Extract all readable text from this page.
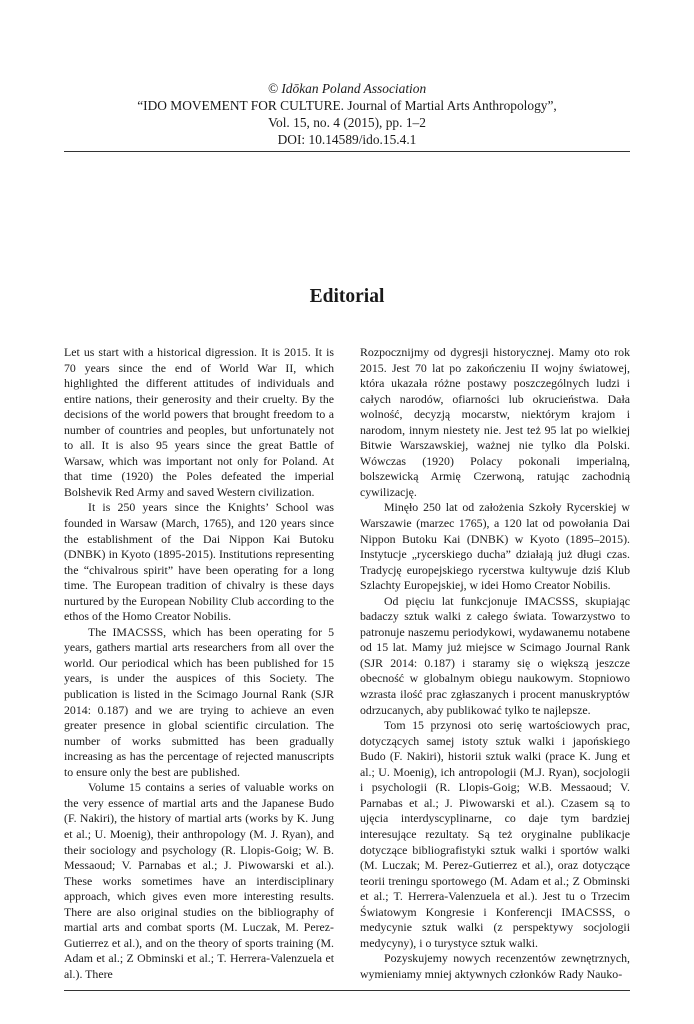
© Idōkan Poland Association
“IDO MOVEMENT FOR CULTURE. Journal of Martial Arts Anthropology”,
Vol. 15, no. 4 (2015), pp. 1–2
DOI: 10.14589/ido.15.4.1
Editorial

Let us start with a historical digression. It is 2015. It is 70 years since the end of World War II, which highlighted the different attitudes of individuals and entire nations, their generosity and their cruelty. By the decisions of the world powers that brought freedom to a number of countries and peoples, but unfortunately not to all. It is also 95 years since the great Battle of Warsaw, which was important not only for Poland. At that time (1920) the Poles defeated the imperial Bolshevik Red Army and saved Western civilization.

It is 250 years since the Knights’ School was founded in Warsaw (March, 1765), and 120 years since the establishment of the Dai Nippon Kai Butoku (DNBK) in Kyoto (1895-2015). Institutions representing the “chivalrous spirit” have been operating for a long time. The European tradition of chivalry is these days nurtured by the European Nobility Club according to the ethos of the Homo Creator Nobilis.

The IMACSSS, which has been operating for 5 years, gathers martial arts researchers from all over the world. Our periodical which has been published for 15 years, is under the auspices of this Society. The publication is listed in the Scimago Journal Rank (SJR 2014: 0.187) and we are trying to achieve an even greater presence in global scientific circulation. The number of works submitted has been gradually increasing as has the percentage of rejected manuscripts to ensure only the best are published.

Volume 15 contains a series of valuable works on the very essence of martial arts and the Japanese Budo (F. Nakiri), the history of martial arts (works by K. Jung et al.; U. Moenig), their anthropology (M. J. Ryan), and their sociology and psychology (R. Llopis-Goig; W. B. Messaoud; V. Parnabas et al.; J. Piwowarski et al.). These works sometimes have an interdisciplinary approach, which gives even more interesting results. There are also original studies on the bibliography of martial arts and combat sports (M. Luczak, M. Perez-Gutierrez et al.), and on the theory of sports training (M. Adam et al.; Z Obminski et al.; T. Herrera-Valenzuela et al.). There

Rozpocznijmy od dygresji historycznej. Mamy oto rok 2015. Jest 70 lat po zakończeniu II wojny światowej, która ukazała różne postawy poszczególnych ludzi i całych narodów, ofiarności lub okrucieństwa. Dała wolność, decyzją mocarstw, niektórym krajom i narodom, innym niestety nie. Jest też 95 lat po wielkiej Bitwie Warszawskiej, ważnej nie tylko dla Polski. Wówczas (1920) Polacy pokonali imperialną, bolszewicką Armię Czerwoną, ratując zachodnią cywilizację.

Minęło 250 lat od założenia Szkoły Rycerskiej w Warszawie (marzec 1765), a 120 lat od powołania Dai Nippon Butoku Kai (DNBK) w Kyoto (1895–2015). Instytucje „rycerskiego ducha” działają już długi czas. Tradycję europejskiego rycerstwa kultywuje dziś Klub Szlachty Europejskiej, w idei Homo Creator Nobilis.

Od pięciu lat funkcjonuje IMACSSS, skupiając badaczy sztuk walki z całego świata. Towarzystwo to patronuje naszemu periodykowi, wydawanemu notabene od 15 lat. Mamy już miejsce w Scimago Journal Rank (SJR 2014: 0.187) i staramy się o większą jeszcze obecność w globalnym obiegu naukowym. Stopniowo wzrasta ilość prac zgłaszanych i procent manuskryptów odrzucanych, aby publikować tylko te najlepsze.

Tom 15 przynosi oto serię wartościowych prac, dotyczących samej istoty sztuk walki i japońskiego Budo (F. Nakiri), historii sztuk walki (prace K. Jung et al.; U. Moenig), ich antropologii (M.J. Ryan), socjologii i psychologii (R. Llopis-Goig; W.B. Messaoud; V. Parnabas et al.; J. Piwowarski et al.). Czasem są to ujęcia interdyscyplinarne, co daje tym bardziej interesujące rezultaty. Są też oryginalne publikacje dotyczące bibliografistyki sztuk walki i sportów walki (M. Luczak; M. Perez-Gutierrez et al.), oraz dotyczące teorii treningu sportowego (M. Adam et al.; Z Obminski et al.; T. Herrera-Valenzuela et al.). Jest tu o Trzecim Światowym Kongresie i Konferencji IMACSSS, o medycynie sztuk walki (z perspektywy socjologii medycyny), i o turystyce sztuk walki.

Pozyskujemy nowych recenzentów zewnętrznych, wymieniamy mniej aktywnych członków Rady Nauko-
